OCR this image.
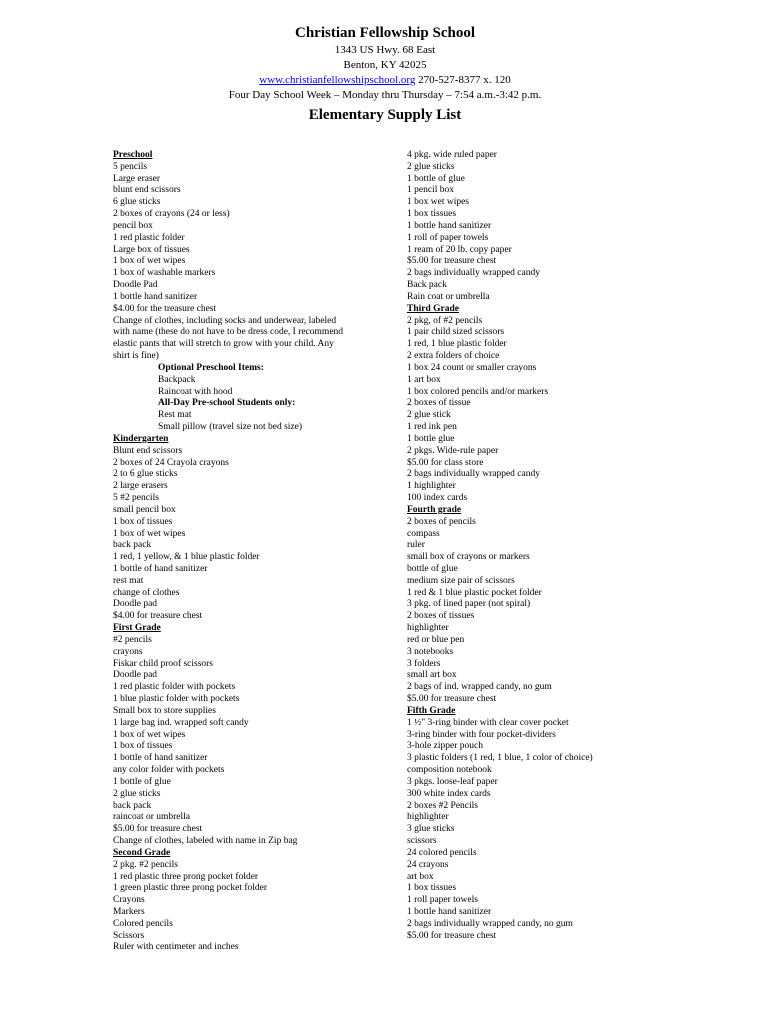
Christian Fellowship School
1343 US Hwy. 68 East
Benton, KY 42025
www.christianfellowshipschool.org 270-527-8377 x. 120
Four Day School Week – Monday thru Thursday – 7:54 a.m.-3:42 p.m.
Elementary Supply List
Preschool
5 pencils
Large eraser
blunt end scissors
6 glue sticks
2 boxes of crayons (24 or less)
pencil box
1 red plastic folder
Large box of tissues
1 box of wet wipes
1 box of washable markers
Doodle Pad
1 bottle hand sanitizer
$4.00 for the treasure chest
Change of clothes, including socks and underwear, labeled
with name (these do not have to be dress code, I recommend
elastic pants that will stretch to grow with your child. Any
shirt is fine)
Optional Preschool Items:
Backpack
Raincoat with hood
All-Day Pre-school Students only:
Rest mat
Small pillow (travel size not bed size)
Kindergarten
Blunt end scissors
2 boxes of 24 Crayola crayons
2 to 6 glue sticks
2 large erasers
5 #2 pencils
small pencil box
1 box of tissues
1 box of wet wipes
back pack
1 red, 1 yellow, & 1 blue plastic folder
1 bottle of hand sanitizer
rest mat
change of clothes
Doodle pad
$4.00 for treasure chest
First Grade
#2 pencils
crayons
Fiskar child proof scissors
Doodle pad
1 red plastic folder with pockets
1 blue plastic folder with pockets
Small box to store supplies
1 large bag ind. wrapped soft candy
1 box of wet wipes
1 box of tissues
1 bottle of hand sanitizer
any color folder with pockets
1 bottle of glue
2 glue sticks
back pack
raincoat or umbrella
$5.00 for treasure chest
Change of clothes, labeled with name in Zip bag
Second Grade
2 pkg. #2 pencils
1 red plastic three prong pocket folder
1 green plastic three prong pocket folder
Crayons
Markers
Colored pencils
Scissors
Ruler with centimeter and inches
4 pkg. wide ruled paper
2 glue sticks
1 bottle of glue
1 pencil box
1 box wet wipes
1 box tissues
1 bottle hand sanitizer
1 roll of paper towels
1 ream of 20 lb. copy paper
$5.00 for treasure chest
2 bags individually wrapped candy
Back pack
Rain coat or umbrella
Third Grade
2 pkg, of #2 pencils
1 pair child sized scissors
1 red, 1 blue plastic folder
2 extra folders of choice
1 box 24 count or smaller crayons
1 art box
1 box colored pencils and/or markers
2 boxes of tissue
2 glue stick
1 red ink pen
1 bottle glue
2 pkgs. Wide-rule paper
$5.00 for class store
2 bags individually wrapped candy
1 highlighter
100 index cards
Fourth grade
2 boxes of pencils
compass
ruler
small box of crayons or markers
bottle of glue
medium size pair of scissors
1 red & 1 blue plastic pocket folder
3 pkg. of lined paper (not spiral)
2 boxes of tissues
highlighter
red or blue pen
3 notebooks
3 folders
small art box
2 bags of ind. wrapped candy, no gum
$5.00 for treasure chest
Fifth Grade
1 ½" 3-ring binder with clear cover pocket
3-ring binder with four pocket-dividers
3-hole zipper pouch
3 plastic folders (1 red, 1 blue, 1 color of choice)
composition notebook
3 pkgs. loose-leaf paper
300 white index cards
2 boxes #2 Pencils
highlighter
3 glue sticks
scissors
24 colored pencils
24 crayons
art box
1 box tissues
1 roll paper towels
1 bottle hand sanitizer
2 bags individually wrapped candy, no gum
$5.00 for treasure chest
